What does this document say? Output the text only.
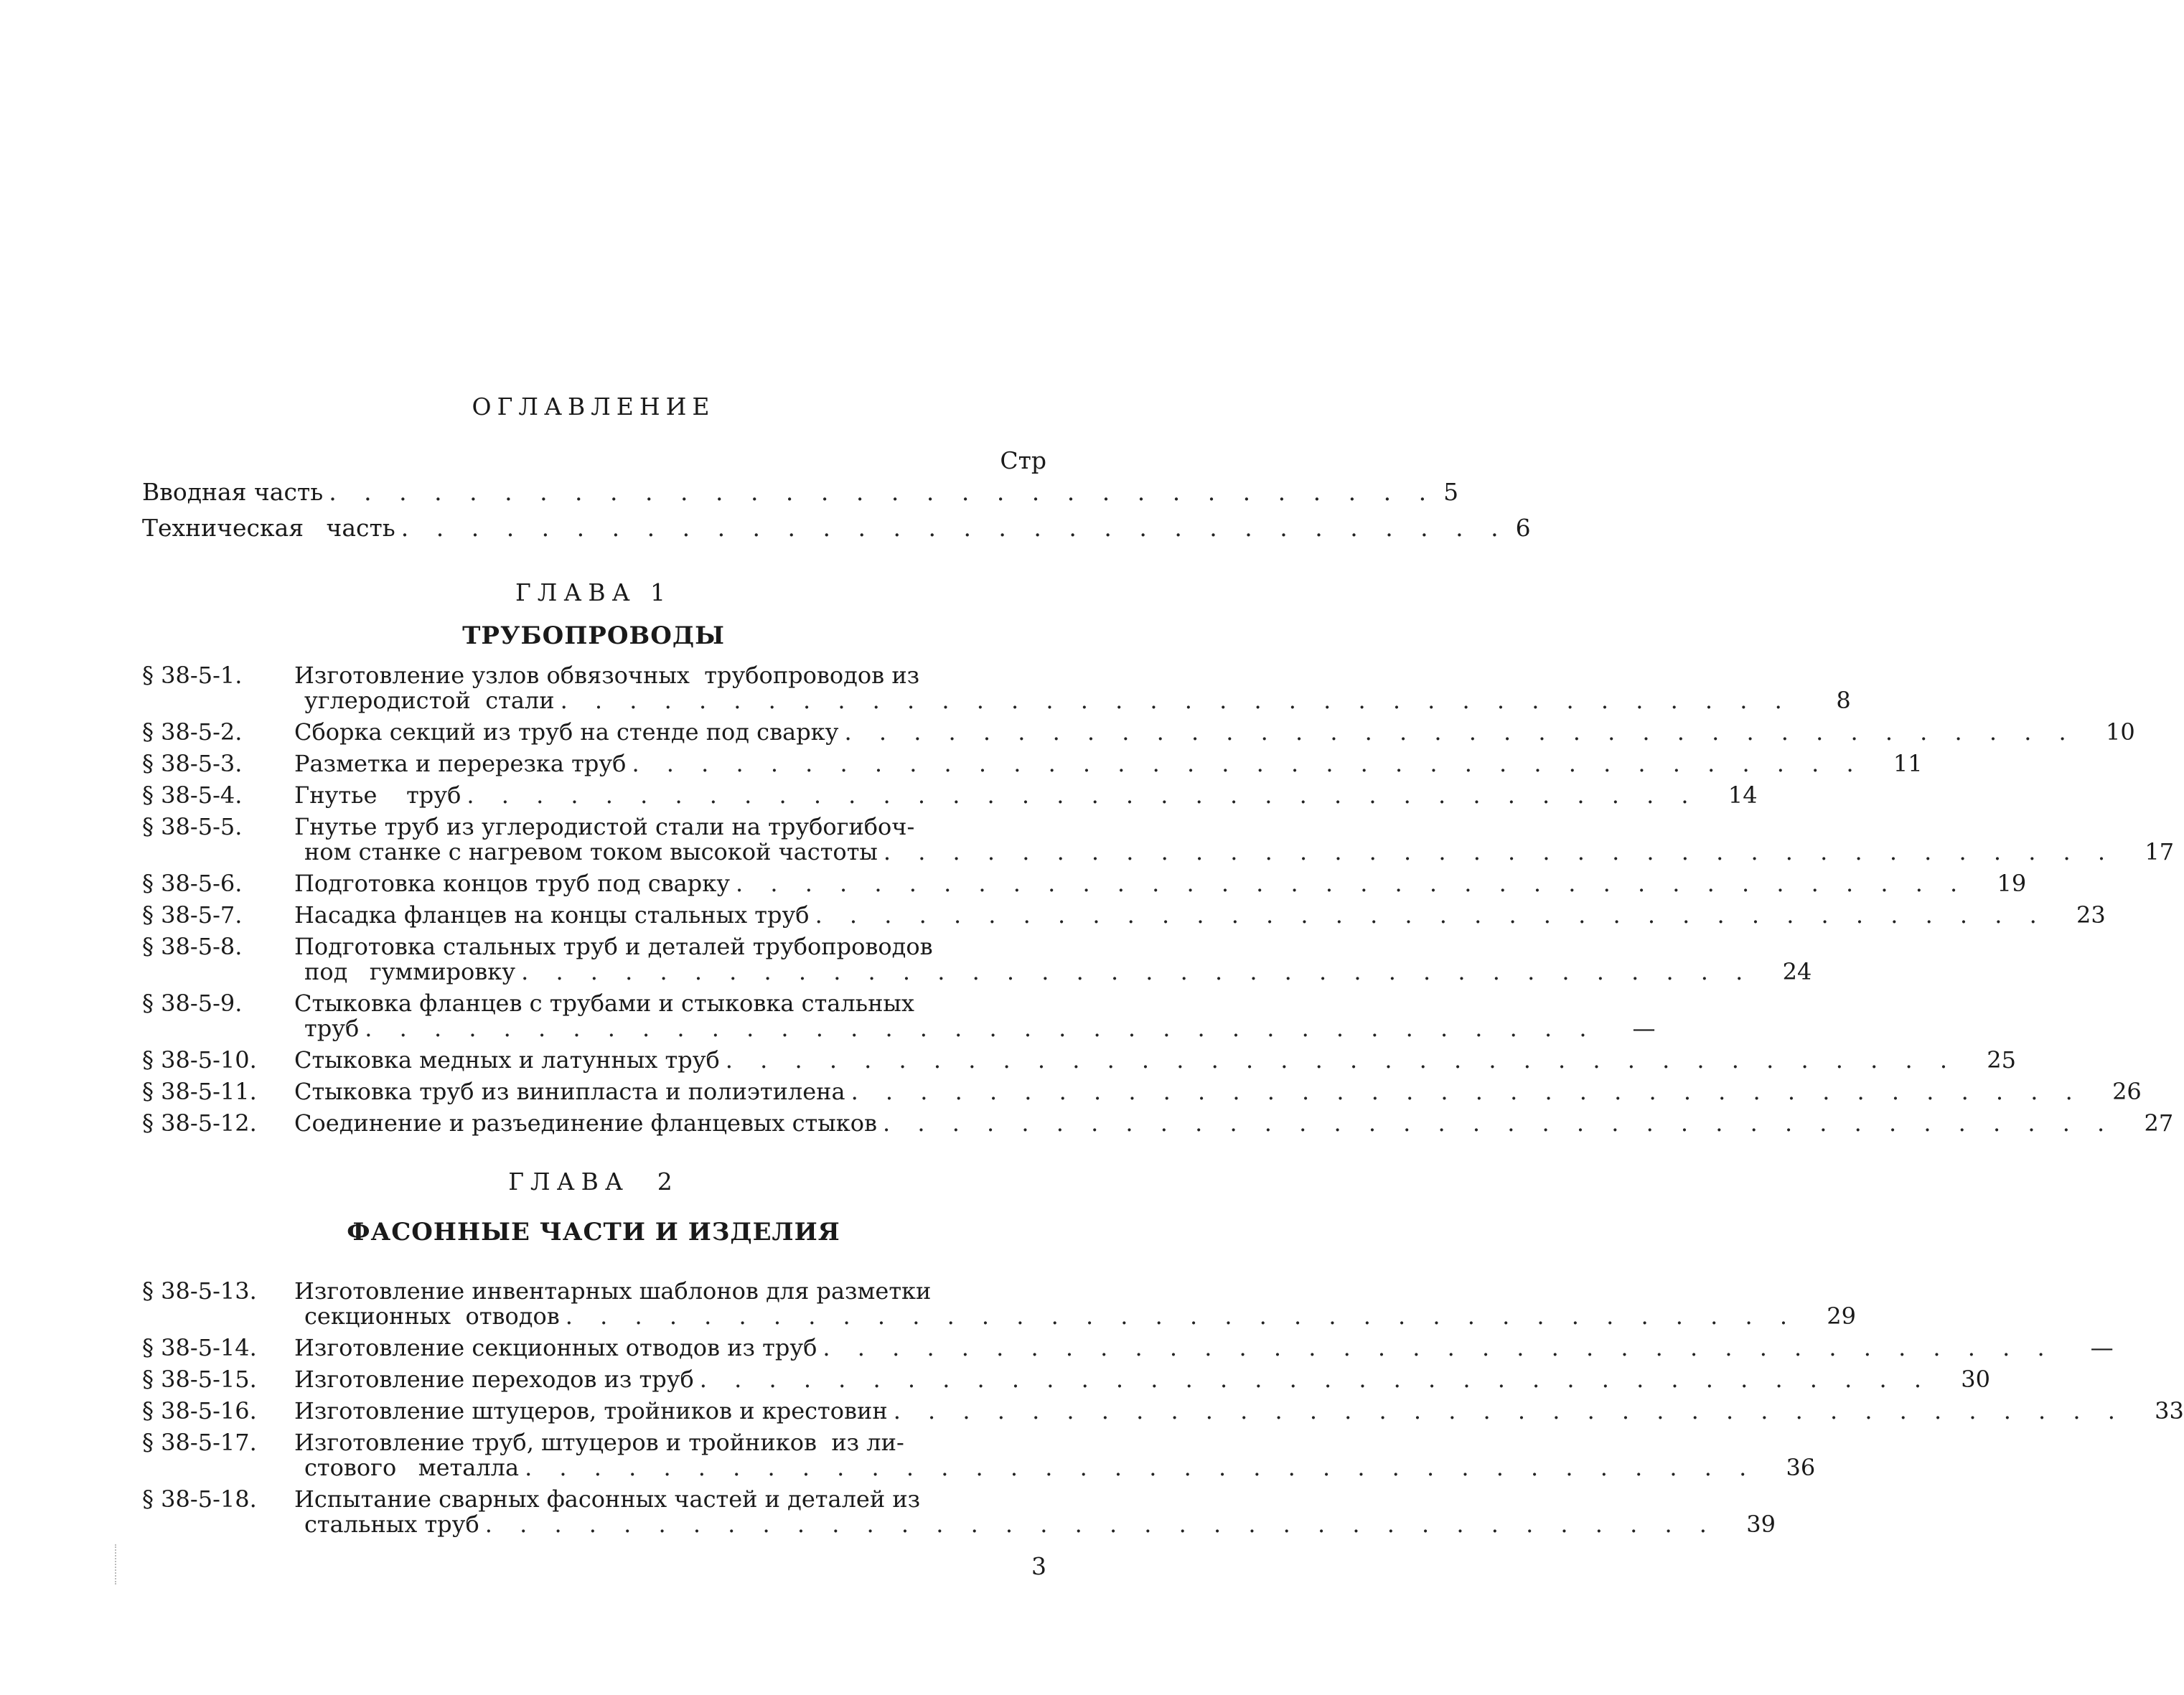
ОГЛАВЛЕНИЕ
Стр
Вводная часть . . . . . . . . . . . . . . . . . . . . . . . . . . . . . . . . 5
Техническая   часть . . . . . . . . . . . . . . . . . . . . . . . . . . . . . . . . 6
ГЛАВА 1
ТРУБОПРОВОДЫ
§ 38-5-1.	Изготовление узлов обвязочных  трубопроводов из
углеродистой  стали . . . . . . . . . . . . . . . . . . . . . . . . . . . . . . . . . . . .	8
§ 38-5-2.	Сборка секций из труб на стенде под сварку . . . . . . . . . . . . . . . . . . . . . . . . . . . . . . . . . . . .	10
§ 38-5-3.	Разметка и перерезка труб . . . . . . . . . . . . . . . . . . . . . . . . . . . . . . . . . . . .	11
§ 38-5-4.	Гнутье    труб . . . . . . . . . . . . . . . . . . . . . . . . . . . . . . . . . . . .	14
§ 38-5-5.	Гнутье труб из углеродистой стали на трубогибоч-
ном станке с нагревом током высокой частоты . . . . . . . . . . . . . . . . . . . . . . . . . . . . . . . . . . . .	17
§ 38-5-6.	Подготовка концов труб под сварку . . . . . . . . . . . . . . . . . . . . . . . . . . . . . . . . . . . .	19
§ 38-5-7.	Насадка фланцев на концы стальных труб . . . . . . . . . . . . . . . . . . . . . . . . . . . . . . . . . . . .	23
§ 38-5-8.	Подготовка стальных труб и деталей трубопроводов
под   гуммировку . . . . . . . . . . . . . . . . . . . . . . . . . . . . . . . . . . . .	24
§ 38-5-9.	Стыковка фланцев с трубами и стыковка стальных
труб . . . . . . . . . . . . . . . . . . . . . . . . . . . . . . . . . . . .	—
§ 38-5-10.	Стыковка медных и латунных труб . . . . . . . . . . . . . . . . . . . . . . . . . . . . . . . . . . . .	25
§ 38-5-11.	Стыковка труб из винипласта и полиэтилена . . . . . . . . . . . . . . . . . . . . . . . . . . . . . . . . . . . .	26
§ 38-5-12.	Соединение и разъединение фланцевых стыков . . . . . . . . . . . . . . . . . . . . . . . . . . . . . . . . . . . .	27
ГЛАВА  2
ФАСОННЫЕ ЧАСТИ И ИЗДЕЛИЯ
§ 38-5-13.	Изготовление инвентарных шаблонов для разметки
секционных  отводов . . . . . . . . . . . . . . . . . . . . . . . . . . . . . . . . . . . .	29
§ 38-5-14.	Изготовление секционных отводов из труб . . . . . . . . . . . . . . . . . . . . . . . . . . . . . . . . . . . .	—
§ 38-5-15.	Изготовление переходов из труб . . . . . . . . . . . . . . . . . . . . . . . . . . . . . . . . . . . .	30
§ 38-5-16.	Изготовление штуцеров, тройников и крестовин . . . . . . . . . . . . . . . . . . . . . . . . . . . . . . . . . . . .	33
§ 38-5-17.	Изготовление труб, штуцеров и тройников  из ли-
стового   металла . . . . . . . . . . . . . . . . . . . . . . . . . . . . . . . . . . . .	36
§ 38-5-18.	Испытание сварных фасонных частей и деталей из
стальных труб . . . . . . . . . . . . . . . . . . . . . . . . . . . . . . . . . . . .	39
3
